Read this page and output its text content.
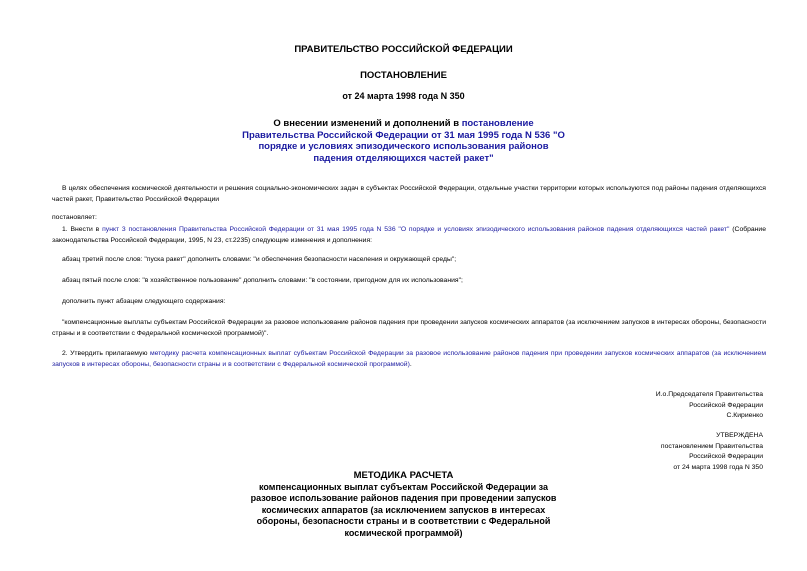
ПРАВИТЕЛЬСТВО РОССИЙСКОЙ ФЕДЕРАЦИИ
ПОСТАНОВЛЕНИЕ
от 24 марта 1998 года N 350
О внесении изменений и дополнений в постановление Правительства Российской Федерации от 31 мая 1995 года N 536 "О порядке и условиях эпизодического использования районов падения отделяющихся частей ракет"
В целях обеспечения космической деятельности и решения социально-экономических задач в субъектах Российской Федерации, отдельные участки территории которых используются под районы падения отделяющихся частей ракет, Правительство Российской Федерации
постановляет:
1. Внести в пункт 3 постановления Правительства Российской Федерации от 31 мая 1995 года N 536 "О порядке и условиях эпизодического использования районов падения отделяющихся частей ракет" (Собрание законодательства Российской Федерации, 1995, N 23, ст.2235) следующие изменения и дополнения:
абзац третий после слов: "пуска ракет" дополнить словами: "и обеспечения безопасности населения и окружающей среды";
абзац пятый после слов: "в хозяйственное пользование" дополнить словами: "в состоянии, пригодном для их использования";
дополнить пункт абзацем следующего содержания:
"компенсационные выплаты субъектам Российской Федерации за разовое использование районов падения при проведении запусков космических аппаратов (за исключением запусков в интересах обороны, безопасности страны и в соответствии с Федеральной космической программой)".
2. Утвердить прилагаемую методику расчета компенсационных выплат субъектам Российской Федерации за разовое использование районов падения при проведении запусков космических аппаратов (за исключением запусков в интересах обороны, безопасности страны и в соответствии с Федеральной космической программой).
И.о.Председателя Правительства
Российской Федерации
С.Кириенко
УТВЕРЖДЕНА
постановлением Правительства
Российской Федерации
от 24 марта 1998 года N 350
МЕТОДИКА РАСЧЕТА
компенсационных выплат субъектам Российской Федерации за разовое использование районов падения при проведении запусков космических аппаратов (за исключением запусков в интересах обороны, безопасности страны и в соответствии с Федеральной космической программой)
